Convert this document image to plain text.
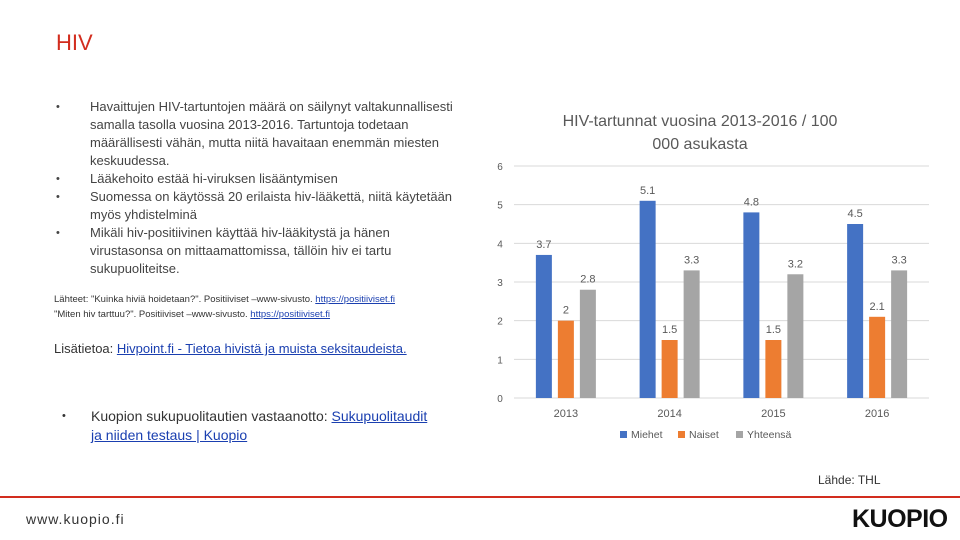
HIV
• Havaittujen HIV-tartuntojen määrä on säilynyt valtakunnallisesti samalla tasolla vuosina 2013-2016. Tartuntoja todetaan määrällisesti vähän, mutta niitä havaitaan enemmän miesten keskuudessa.
• Lääkehoito estää hi-viruksen lisääntymisen
• Suomessa on käytössä 20 erilaista hiv-lääkettä, niitä käytetään myös yhdistelminä
• Mikäli hiv-positiivinen käyttää hiv-lääkitystä ja hänen virustasonsa on mittaamattomissa, tällöin hiv ei tartu sukupuoliteitse.
Lähteet: "Kuinka hiviä hoidetaan?". Positiiviset –www-sivusto. https://positiiviset.fi
"Miten hiv tarttuu?". Positiiviset –www-sivusto. https://positiiviset.fi
Lisätietoa: Hivpoint.fi - Tietoa hivistä ja muista seksitaudeista.
•	Kuopion sukupuolitautien vastaanotto: Sukupuolitaudit ja niiden testaus | Kuopio
HIV-tartunnat vuosina 2013-2016 / 100
000 asukasta
0
1
2
3
4
5
6
3.7
2
2.8
5.1
1.5
3.3
4.8
1.5
3.2
4.5
2.1
3.3
2013	2014	2015	2016
Miehet	Naiset	Yhteensä
Lähde: THL
www.kuopio.fi	KUOPIO
